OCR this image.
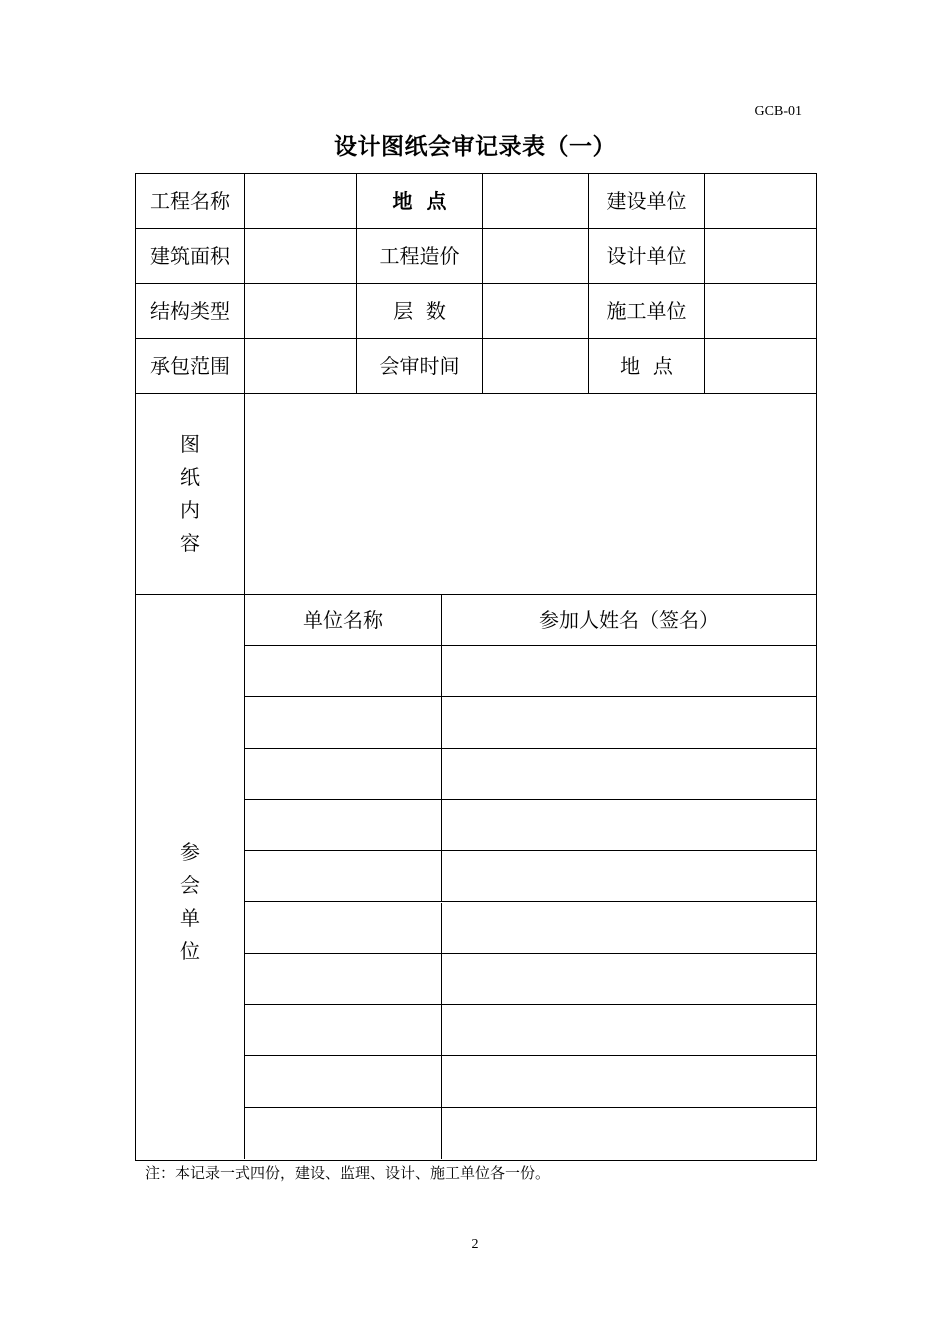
GCB-01
设计图纸会审记录表（一）
工程名称	地  点	建设单位
建筑面积	工程造价	设计单位
结构类型	层  数	施工单位
承包范围	会审时间	地  点
图
纸
内
容
参
会
单
位
单位名称	参加人姓名（签名）
注：本记录一式四份，建设、监理、设计、施工单位各一份。
2
